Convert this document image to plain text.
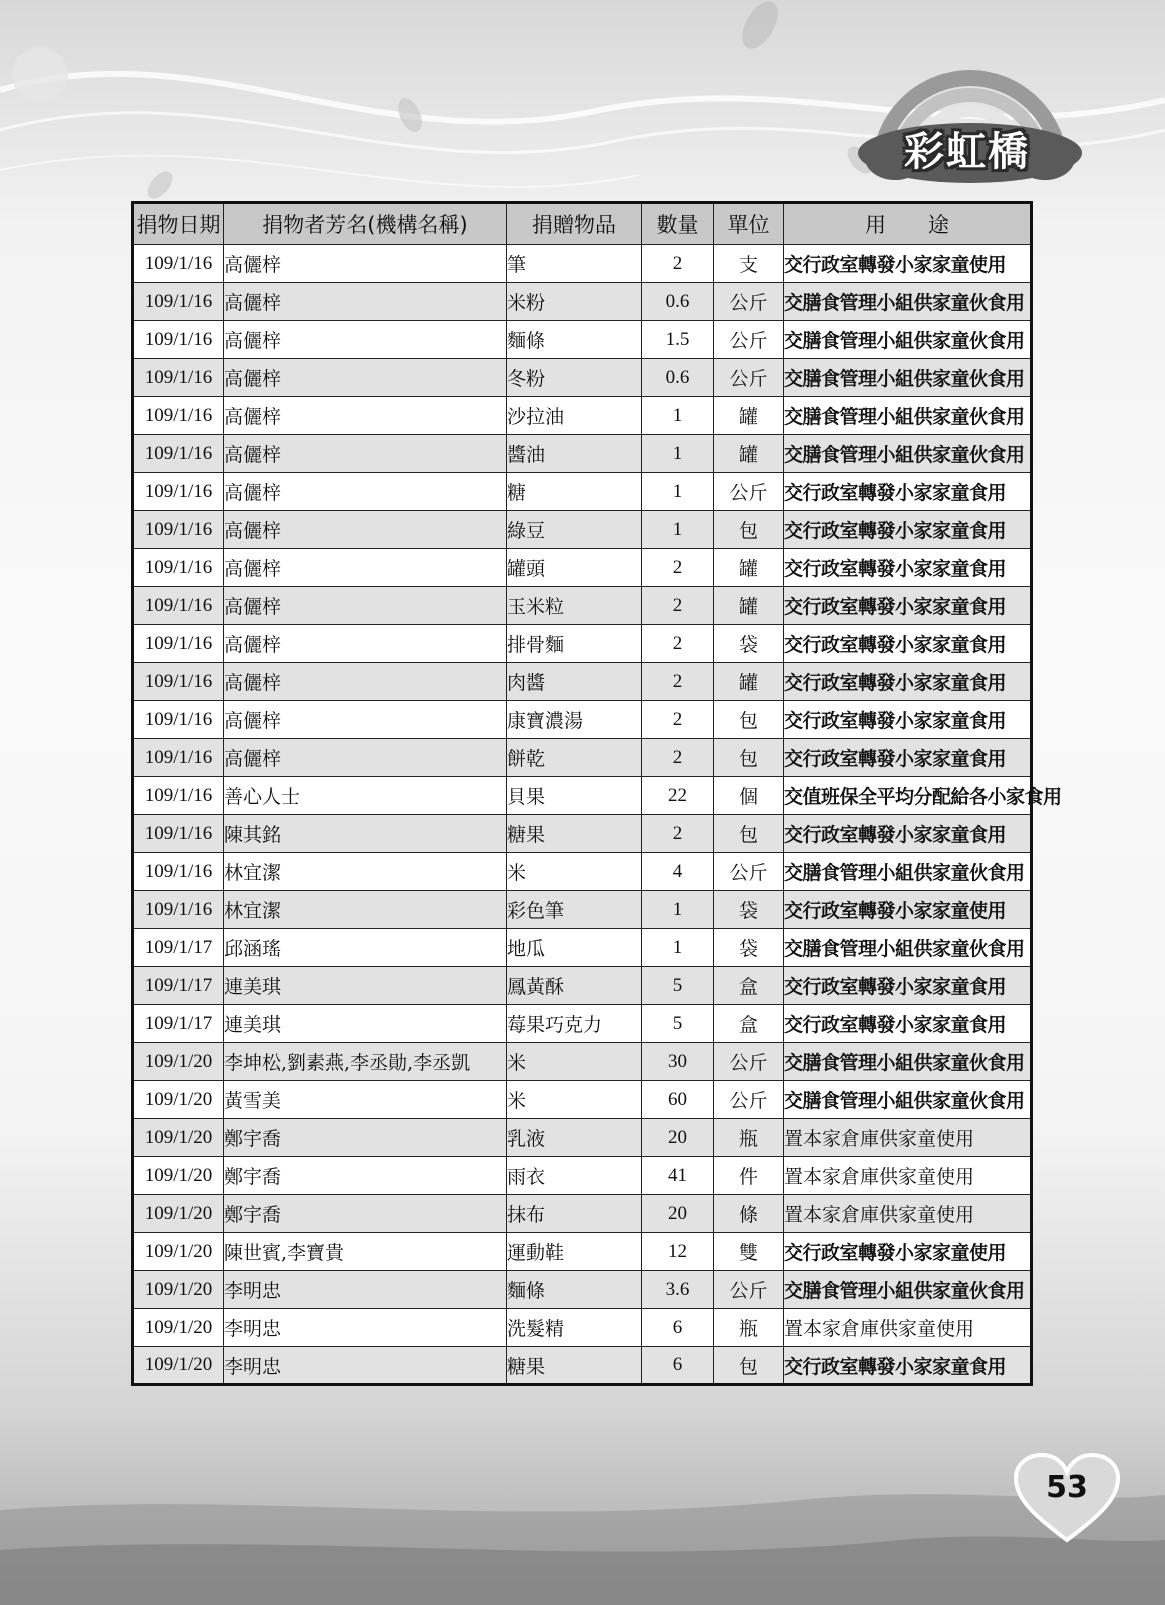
彩虹橋
捐物日期	捐物者芳名(機構名稱)	捐贈物品	數量	單位	用　　途
109/1/16	高儷梓	筆	2	支	交行政室轉發小家家童使用
109/1/16	高儷梓	米粉	0.6	公斤	交膳食管理小組供家童伙食用
109/1/16	高儷梓	麵條	1.5	公斤	交膳食管理小組供家童伙食用
109/1/16	高儷梓	冬粉	0.6	公斤	交膳食管理小組供家童伙食用
109/1/16	高儷梓	沙拉油	1	罐	交膳食管理小組供家童伙食用
109/1/16	高儷梓	醬油	1	罐	交膳食管理小組供家童伙食用
109/1/16	高儷梓	糖	1	公斤	交行政室轉發小家家童食用
109/1/16	高儷梓	綠豆	1	包	交行政室轉發小家家童食用
109/1/16	高儷梓	罐頭	2	罐	交行政室轉發小家家童食用
109/1/16	高儷梓	玉米粒	2	罐	交行政室轉發小家家童食用
109/1/16	高儷梓	排骨麵	2	袋	交行政室轉發小家家童食用
109/1/16	高儷梓	肉醬	2	罐	交行政室轉發小家家童食用
109/1/16	高儷梓	康寶濃湯	2	包	交行政室轉發小家家童食用
109/1/16	高儷梓	餅乾	2	包	交行政室轉發小家家童食用
109/1/16	善心人士	貝果	22	個	交值班保全平均分配給各小家食用
109/1/16	陳其銘	糖果	2	包	交行政室轉發小家家童食用
109/1/16	林宜潔	米	4	公斤	交膳食管理小組供家童伙食用
109/1/16	林宜潔	彩色筆	1	袋	交行政室轉發小家家童使用
109/1/17	邱涵瑤	地瓜	1	袋	交膳食管理小組供家童伙食用
109/1/17	連美琪	鳳黃酥	5	盒	交行政室轉發小家家童食用
109/1/17	連美琪	莓果巧克力	5	盒	交行政室轉發小家家童食用
109/1/20	李坤松,劉素燕,李丞勛,李丞凱	米	30	公斤	交膳食管理小組供家童伙食用
109/1/20	黃雪美	米	60	公斤	交膳食管理小組供家童伙食用
109/1/20	鄭宇喬	乳液	20	瓶	置本家倉庫供家童使用
109/1/20	鄭宇喬	雨衣	41	件	置本家倉庫供家童使用
109/1/20	鄭宇喬	抹布	20	條	置本家倉庫供家童使用
109/1/20	陳世賓,李寶貴	運動鞋	12	雙	交行政室轉發小家家童使用
109/1/20	李明忠	麵條	3.6	公斤	交膳食管理小組供家童伙食用
109/1/20	李明忠	洗髮精	6	瓶	置本家倉庫供家童使用
109/1/20	李明忠	糖果	6	包	交行政室轉發小家家童食用
53
